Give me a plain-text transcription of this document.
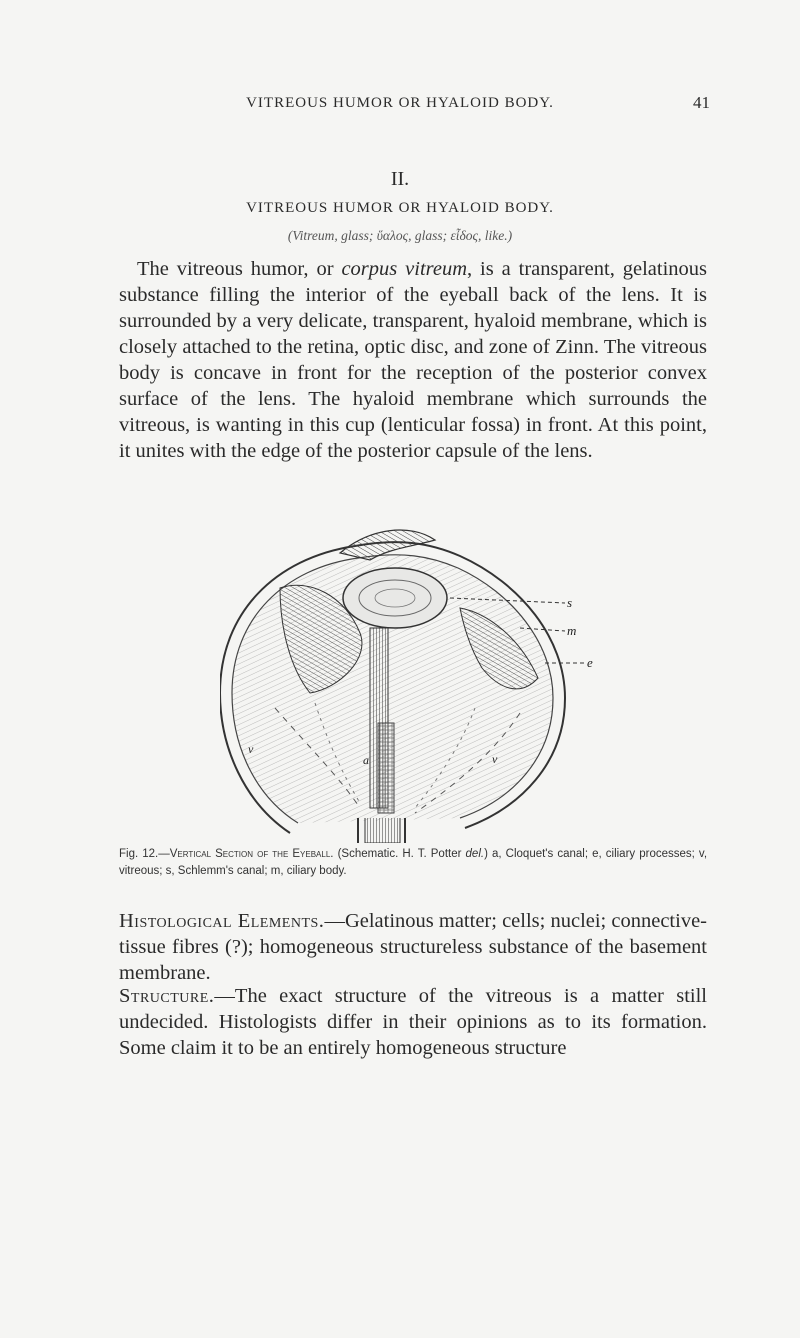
VITREOUS HUMOR OR HYALOID BODY.	41
II.
VITREOUS HUMOR OR HYALOID BODY.
(Vitreum, glass; ὕαλος, glass; εἶδος, like.)
The vitreous humor, or corpus vitreum, is a transparent, gelatinous substance filling the interior of the eyeball back of the lens. It is surrounded by a very delicate, transparent, hyaloid membrane, which is closely attached to the retina, optic disc, and zone of Zinn. The vitreous body is concave in front for the reception of the posterior convex surface of the lens. The hyaloid membrane which surrounds the vitreous, is wanting in this cup (lenticular fossa) in front. At this point, it unites with the edge of the posterior capsule of the lens.
s
m
e
v
v
a
Fig. 12.—Vertical Section of the Eyeball. (Schematic. H. T. Potter del.) a, Cloquet's canal; e, ciliary processes; v, vitreous; s, Schlemm's canal; m, ciliary body.
Histological Elements.—Gelatinous matter; cells; nuclei; connective-tissue fibres (?); homogeneous structureless substance of the basement membrane.
Structure.—The exact structure of the vitreous is a matter still undecided. Histologists differ in their opinions as to its formation. Some claim it to be an entirely homogeneous structure
